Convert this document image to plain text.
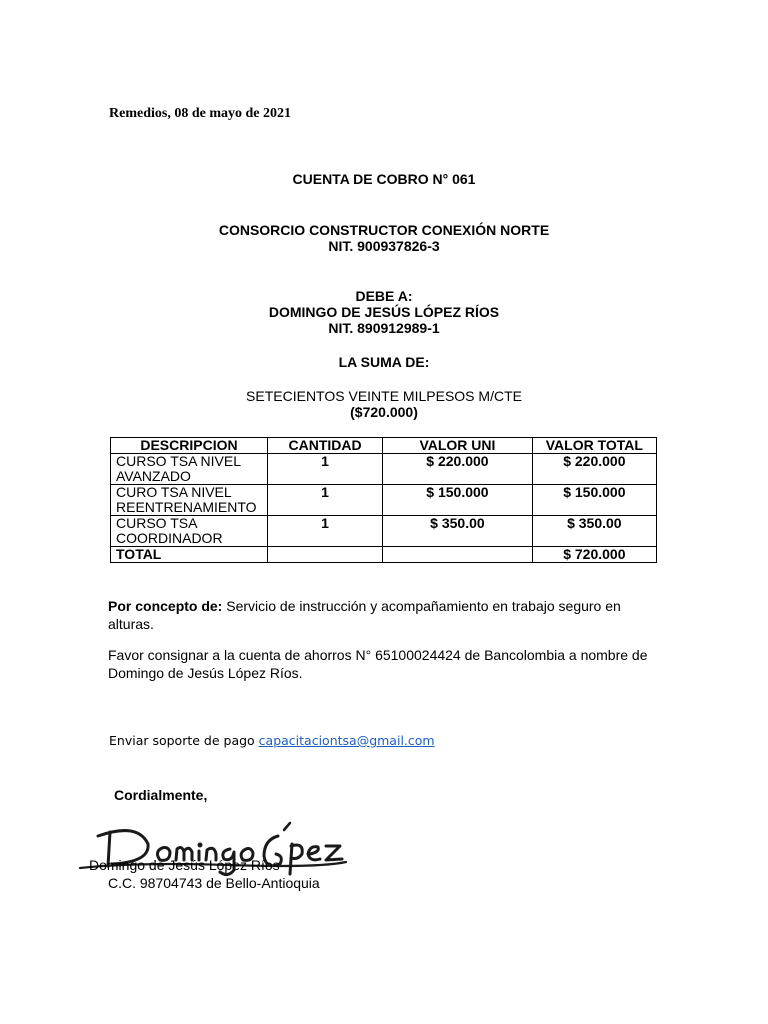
Remedios, 08 de mayo de 2021
CUENTA DE COBRO N° 061
CONSORCIO CONSTRUCTOR CONEXIÓN NORTE
NIT. 900937826-3
DEBE A:
DOMINGO DE JESÚS LÓPEZ RÍOS
NIT. 890912989-1
LA SUMA DE:
SETECIENTOS VEINTE MILPESOS M/CTE
($720.000)
DESCRIPCION	CANTIDAD	VALOR UNI	VALOR TOTAL
CURSO TSA NIVEL AVANZADO	1	$ 220.000	$ 220.000
CURO TSA NIVEL REENTRENAMIENTO	1	$ 150.000	$ 150.000
CURSO TSA COORDINADOR	1	$ 350.00	$ 350.00
TOTAL			$ 720.000
Por concepto de: Servicio de instrucción y acompañamiento en trabajo seguro en alturas.
Favor consignar a la cuenta de ahorros N° 65100024424 de Bancolombia a nombre de Domingo de Jesús López Ríos.
Enviar soporte de pago capacitaciontsa@gmail.com
Cordialmente,
Domingo de Jesús López Ríos
C.C. 98704743 de Bello-Antioquia
